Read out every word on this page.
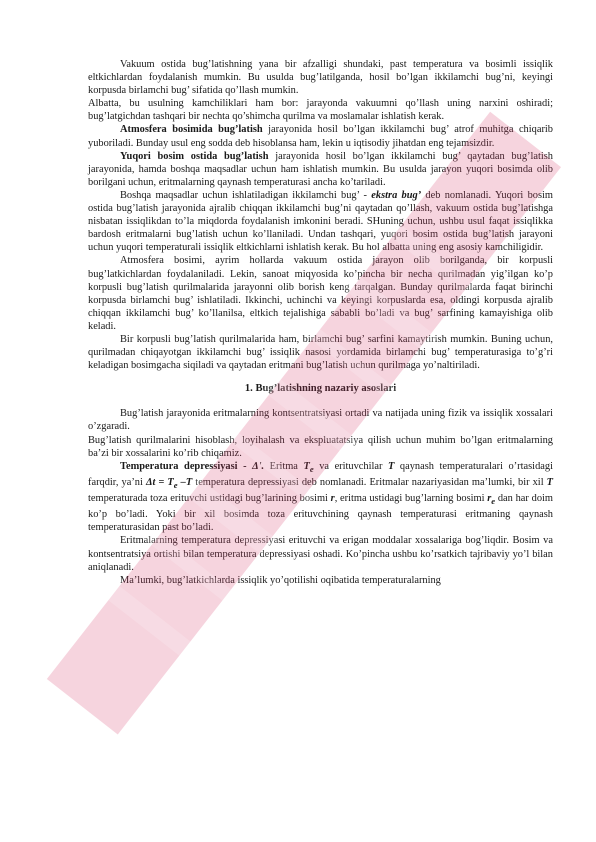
Vakuum ostida bug’latishning yana bir afzalligi shundaki, past temperatura va bosimli issiqlik eltkichlardan foydalanish mumkin. Bu usulda bug’latilganda, hosil bo’lgan ikkilamchi bug’ni, keyingi korpusda birlamchi bug’ sifatida qo’llash mumkin.

Albatta, bu usulning kamchiliklari ham bor: jarayonda vakuumni qo’llash uning narxini oshiradi; bug’latgichdan tashqari bir nechta qo’shimcha qurilma va moslamalar ishlatish kerak.

Atmosfera bosimida bug’latish jarayonida hosil bo’lgan ikkilamchi bug’ atrof muhitga chiqarib yuboriladi. Bunday usul eng sodda deb hisoblansa ham, lekin u iqtisodiy jihatdan eng tejamsizdir.

Yuqori bosim ostida bug’latish jarayonida hosil bo’lgan ikkilamchi bug’ qaytadan bug’latish jarayonida, hamda boshqa maqsadlar uchun ham ishlatish mumkin. Bu usulda jarayon yuqori bosimda olib borilgani uchun, eritmalarning qaynash temperaturasi ancha ko’tariladi.

Boshqa maqsadlar uchun ishlatiladigan ikkilamchi bug’ - ekstra bug’ deb nomlanadi. Yuqori bosim ostida bug’latish jarayonida ajralib chiqqan ikkilamchi bug’ni qaytadan qo’llash, vakuum ostida bug’latishga nisbatan issiqlikdan to’la miqdorda foydalanish imkonini beradi. SHuning uchun, ushbu usul faqat issiqlikka bardosh eritmalarni bug’latish uchun ko’llaniladi. Undan tashqari, yuqori bosim ostida bug’latish jarayoni uchun yuqori temperaturali issiqlik eltkichlarni ishlatish kerak. Bu hol albatta uning eng asosiy kamchiligidir.

Atmosfera bosimi, ayrim hollarda vakuum ostida jarayon olib borilganda, bir korpusli bug’latkichlardan foydalaniladi. Lekin, sanoat miqyosida ko’pincha bir necha qurilmadan yig’ilgan ko’p korpusli bug’latish qurilmalarida jarayonni olib borish keng tarqalgan. Bunday qurilmalarda faqat birinchi korpusda birlamchi bug’ ishlatiladi. Ikkinchi, uchinchi va keyingi korpuslarda esa, oldingi korpusda ajralib chiqqan ikkilamchi bug’ ko’llanilsa, eltkich tejalishiga sababli bo’ladi va bug’ sarfining kamayishiga olib keladi.

Bir korpusli bug’latish qurilmalarida ham, birlamchi bug’ sarfini kamaytirish mumkin. Buning uchun, qurilmadan chiqayotgan ikkilamchi bug’ issiqlik nasosi yordamida birlamchi bug’ temperaturasiga to’g’ri keladigan bosimgacha siqiladi va qaytadan eritmani bug’latish uchun qurilmaga yo’naltiriladi.

1. Bug’latishning nazariy asoslari

Bug’latish jarayonida eritmalarning kontsentratsiyasi ortadi va natijada uning fizik va issiqlik xossalari o’zgaradi.

Bug’latish qurilmalarini hisoblash, loyihalash va ekspluatatsiya qilish uchun muhim bo’lgan eritmalarning ba’zi bir xossalarini ko’rib chiqamiz.

Temperatura depressiyasi - Δ'. Eritma $T_e$ va erituvchilar T qaynash temperaturalari o’rtasidagi farqdir, ya’ni $\Delta t = T_e$ –T temperatura depressiyasi deb nomlanadi. Eritmalar nazariyasidan ma’lumki, bir xil T temperaturada toza erituvchi ustidagi bug’larining bosimi r, eritma ustidagi bug’larning bosimi $r_e$ dan har doim ko’p bo’ladi. Yoki bir xil bosimda toza erituvchining qaynash temperaturasi eritmaning qaynash temperaturasidan past bo’ladi.

Eritmalarning temperatura depressiyasi erituvchi va erigan moddalar xossalariga bog’liqdir. Bosim va kontsentratsiya ortishi bilan temperatura depressiyasi oshadi. Ko’pincha ushbu ko’rsatkich tajribaviy yo’l bilan aniqlanadi.

Ma’lumki, bug’latkichlarda issiqlik yo’qotilishi oqibatida temperaturalarning
